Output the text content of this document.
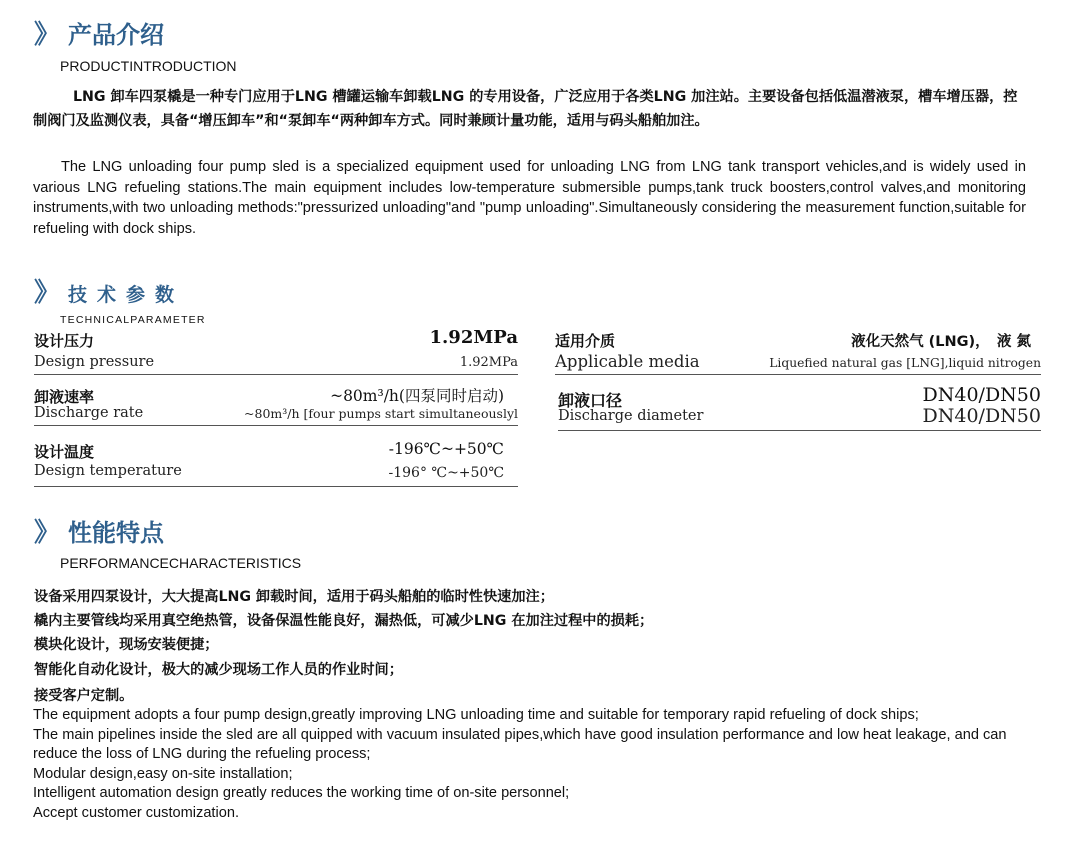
》 产品介绍
PRODUCTINTRODUCTION

LNG 卸车四泵橇是一种专门应用于LNG 槽罐运输车卸载LNG 的专用设备，广泛应用于各类LNG 加注站。主要设备包括低温潜液泵，槽车增压器，控制阀门及监测仪表，具备“增压卸车”和“泵卸车“两种卸车方式。同时兼顾计量功能，适用与码头船舶加注。

The LNG unloading four pump sled is a specialized equipment used for unloading LNG from LNG tank transport vehicles,and is widely used in various LNG refueling stations.The main equipment includes low-temperature submersible pumps,tank truck boosters,control valves,and monitoring instruments,with two unloading methods:"pressurized unloading"and "pump unloading".Simultaneously considering the measurement function,suitable for refueling with dock ships.

》 技术参数
TECHNICALPARAMETER
设计压力	1.92MPa
Design pressure	1.92MPa
卸液速率	~80m³/h(四泵同时启动)
Discharge rate	~80m³/h [four pumps start simultaneouslyl
设计温度	-196℃~+50℃
Design temperature	-196° ℃~+50℃
适用介质	液化天然气 (LNG)，　液 氮
Applicable media	Liquefied natural gas [LNG],liquid nitrogen
卸液口径	DN40/DN50
Discharge diameter	DN40/DN50
》 性能特点
PERFORMANCECHARACTERISTICS

设备采用四泵设计，大大提高LNG 卸载时间，适用于码头船舶的临时性快速加注；

橇内主要管线均采用真空绝热管，设备保温性能良好，漏热低，可减少LNG 在加注过程中的损耗；

模块化设计，现场安装便捷；

智能化自动化设计，极大的减少现场工作人员的作业时间；

接受客户定制。

The equipment adopts a four pump design,greatly improving LNG unloading time and suitable for temporary rapid refueling of dock ships;
The main pipelines inside the sled are all quipped with vacuum insulated pipes,which have good insulation performance and low heat leakage, and can reduce the loss of LNG during the refueling process;
Modular design,easy on-site installation;
Intelligent automation design greatly reduces the working time of on-site personnel;
Accept customer customization.
